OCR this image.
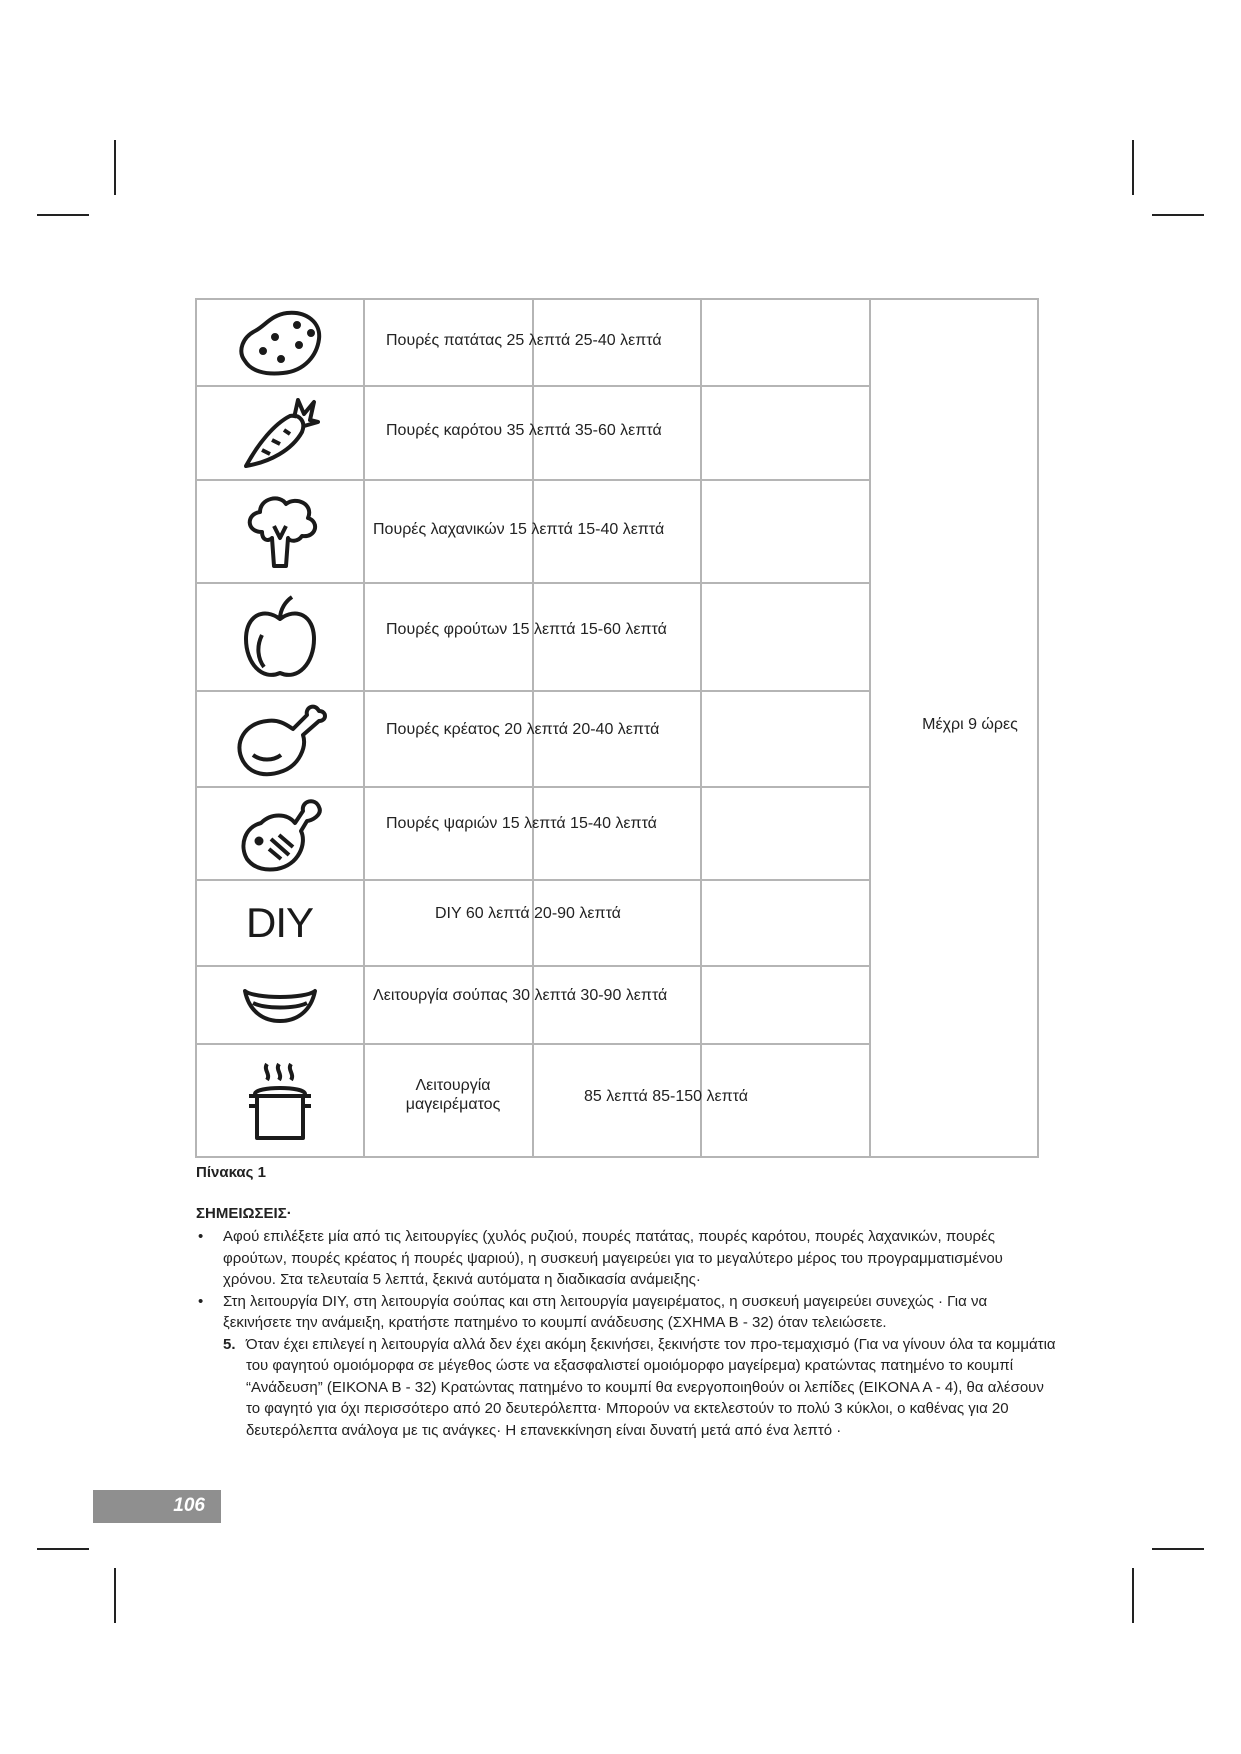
Πουρές πατάτας 25 λεπτά 25-40 λεπτά
Πουρές καρότου 35 λεπτά 35-60 λεπτά
Πουρές λαχανικών 15 λεπτά 15-40 λεπτά
Πουρές φρούτων 15 λεπτά 15-60 λεπτά
Πουρές κρέατος 20 λεπτά 20-40 λεπτά
Πουρές ψαριών 15 λεπτά 15-40 λεπτά
DIY	DIY 60 λεπτά 20-90 λεπτά
Λειτουργία σούπας 30 λεπτά 30-90 λεπτά
Λειτουργία μαγειρέματος	85 λεπτά 85-150 λεπτά
Μέχρι 9 ώρες
Πίνακας 1
ΣΗΜΕΙΩΣΕΙΣ·
• Αφού επιλέξετε μία από τις λειτουργίες (χυλός ρυζιού, πουρές πατάτας, πουρές καρότου, πουρές λαχανικών, πουρές φρούτων, πουρές κρέατος ή πουρές ψαριού), η συσκευή μαγειρεύει για το μεγαλύτερο μέρος του προγραμματισμένου χρόνου. Στα τελευταία 5 λεπτά, ξεκινά αυτόματα η διαδικασία ανάμειξης·
• Στη λειτουργία DIY, στη λειτουργία σούπας και στη λειτουργία μαγειρέματος, η συσκευή μαγειρεύει συνεχώς · Για να ξεκινήσετε την ανάμειξη, κρατήστε πατημένο το κουμπί ανάδευσης (ΣΧΗΜΑ Β - 32) όταν τελειώσετε.
5. Όταν έχει επιλεγεί η λειτουργία αλλά δεν έχει ακόμη ξεκινήσει, ξεκινήστε τον προ-τεμαχισμό (Για να γίνουν όλα τα κομμάτια του φαγητού ομοιόμορφα σε μέγεθος ώστε να εξασφαλιστεί ομοιόμορφο μαγείρεμα) κρατώντας πατημένο το κουμπί “Ανάδευση” (ΕΙΚΟΝΑ Β - 32) Κρατώντας πατημένο το κουμπί θα ενεργοποιηθούν οι λεπίδες (ΕΙΚΟΝΑ Α - 4), θα αλέσουν το φαγητό για όχι περισσότερο από 20 δευτερόλεπτα· Μπορούν να εκτελεστούν το πολύ 3 κύκλοι, ο καθένας για 20 δευτερόλεπτα ανάλογα με τις ανάγκες· Η επανεκκίνηση είναι δυνατή μετά από ένα λεπτό ·
106
